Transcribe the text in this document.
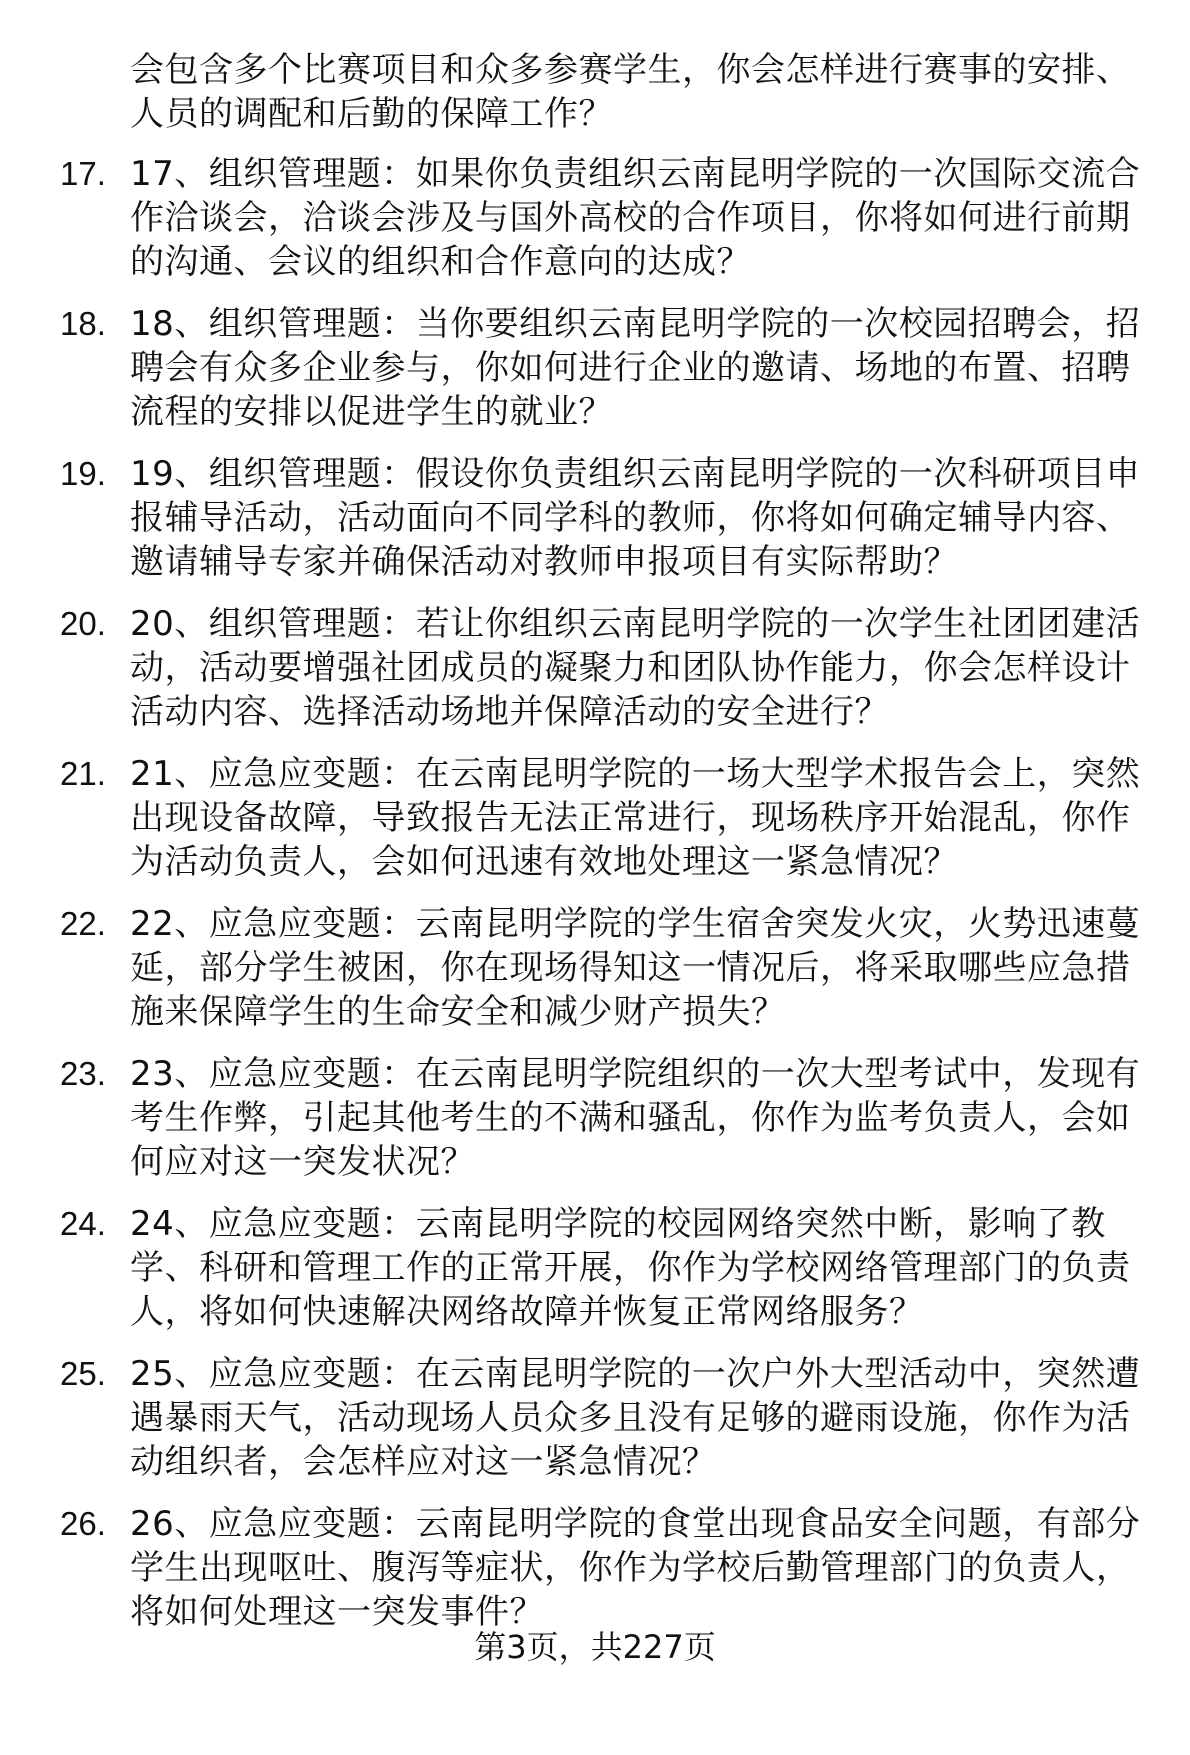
会包含多个比赛项目和众多参赛学生，你会怎样进行赛事的安排、人员的调配和后勤的保障工作？
17. 17、组织管理题：如果你负责组织云南昆明学院的一次国际交流合作洽谈会，洽谈会涉及与国外高校的合作项目，你将如何进行前期的沟通、会议的组织和合作意向的达成？
18. 18、组织管理题：当你要组织云南昆明学院的一次校园招聘会，招聘会有众多企业参与，你如何进行企业的邀请、场地的布置、招聘流程的安排以促进学生的就业？
19. 19、组织管理题：假设你负责组织云南昆明学院的一次科研项目申报辅导活动，活动面向不同学科的教师，你将如何确定辅导内容、邀请辅导专家并确保活动对教师申报项目有实际帮助？
20. 20、组织管理题：若让你组织云南昆明学院的一次学生社团团建活动，活动要增强社团成员的凝聚力和团队协作能力，你会怎样设计活动内容、选择活动场地并保障活动的安全进行？
21. 21、应急应变题：在云南昆明学院的一场大型学术报告会上，突然出现设备故障，导致报告无法正常进行，现场秩序开始混乱，你作为活动负责人，会如何迅速有效地处理这一紧急情况？
22. 22、应急应变题：云南昆明学院的学生宿舍突发火灾，火势迅速蔓延，部分学生被困，你在现场得知这一情况后，将采取哪些应急措施来保障学生的生命安全和减少财产损失？
23. 23、应急应变题：在云南昆明学院组织的一次大型考试中，发现有考生作弊，引起其他考生的不满和骚乱，你作为监考负责人，会如何应对这一突发状况？
24. 24、应急应变题：云南昆明学院的校园网络突然中断，影响了教学、科研和管理工作的正常开展，你作为学校网络管理部门的负责人，将如何快速解决网络故障并恢复正常网络服务？
25. 25、应急应变题：在云南昆明学院的一次户外大型活动中，突然遭遇暴雨天气，活动现场人员众多且没有足够的避雨设施，你作为活动组织者，会怎样应对这一紧急情况？
26. 26、应急应变题：云南昆明学院的食堂出现食品安全问题，有部分学生出现呕吐、腹泻等症状，你作为学校后勤管理部门的负责人，将如何处理这一突发事件？
第3页，共227页
